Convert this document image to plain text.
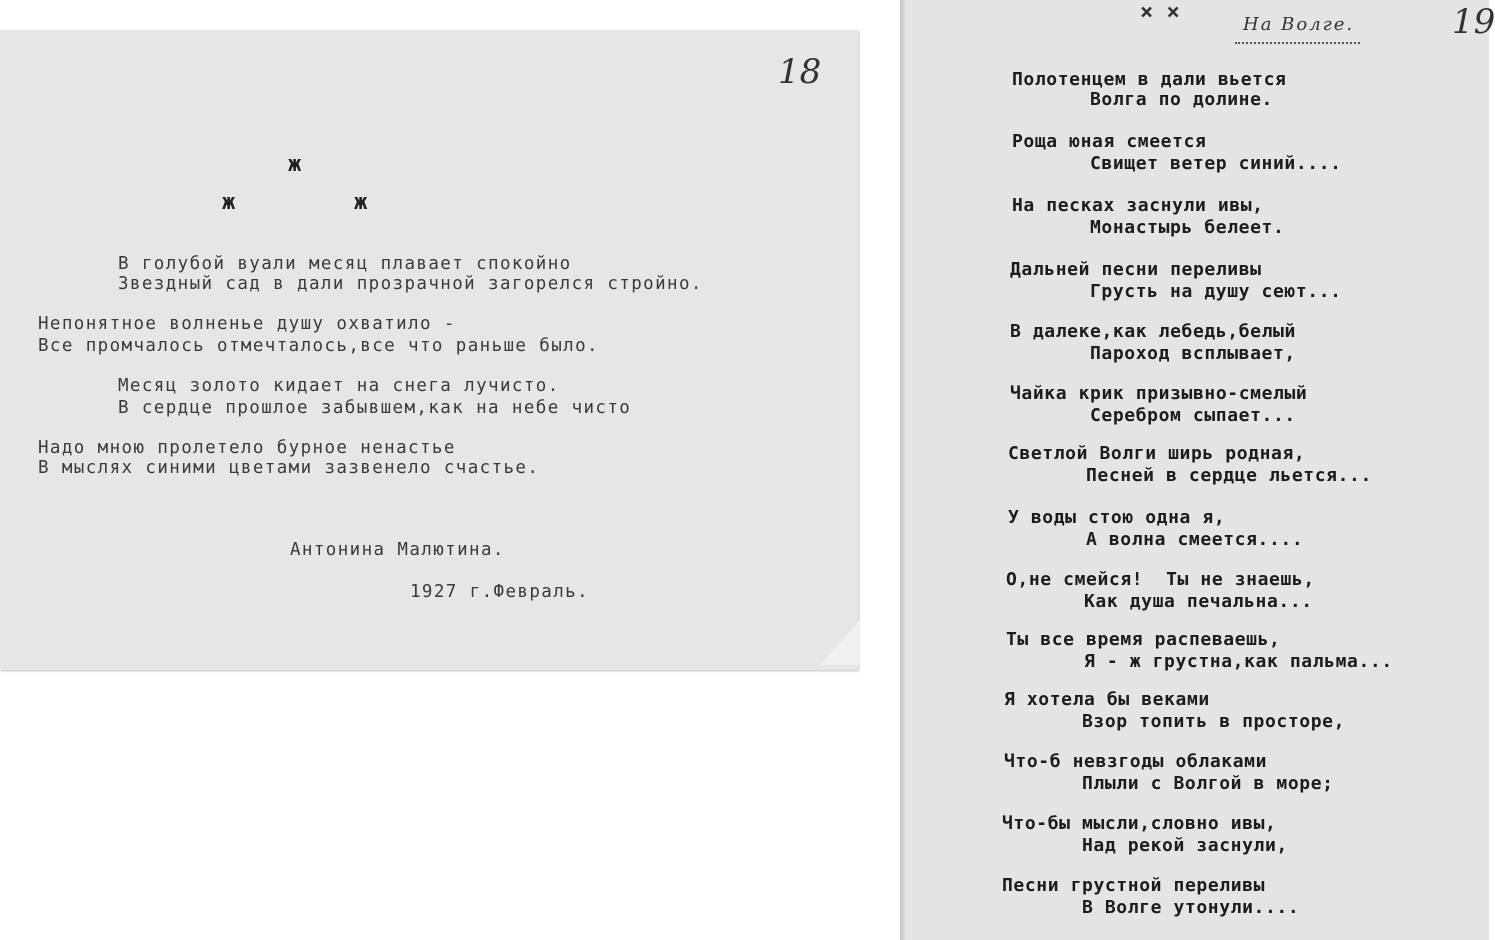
18
ж
ж	ж
В голубой вуали месяц плавает спокойно
Звездный сад в дали прозрачной загорелся стройно.
Непонятное волненье душу охватило -
Все промчалось отмечталось,все что раньше было.
Месяц золото кидает на снега лучисто.
В сердце прошлое забывшем,как на небе чисто
Надо мною пролетело бурное ненастье
В мыслях синими цветами зазвенело счастье.
Антонина Малютина.
1927 г.Февраль.
× ×	На Волге.	19
Полотенцем в дали вьется
Волга по долине.
Роща юная смеется
Свищет ветер синий....
На песках заснули ивы,
Монастырь белеет.
Дальней песни переливы
Грусть на душу сеют...
В далеке,как лебедь,белый
Пароход всплывает,
Чайка крик призывно-смелый
Серебром сыпает...
Светлой Волги ширь родная,
Песней в сердце льется...
У воды стою одна я,
А волна смеется....
О,не смейся!  Ты не знаешь,
Как душа печальна...
Ты все время распеваешь,
Я - ж грустна,как пальма...
Я хотела бы веками
Взор топить в просторе,
Что-б невзгоды облаками
Плыли с Волгой в море;
Что-бы мысли,словно ивы,
Над рекой заснули,
Песни грустной переливы
В Волге утонули....
